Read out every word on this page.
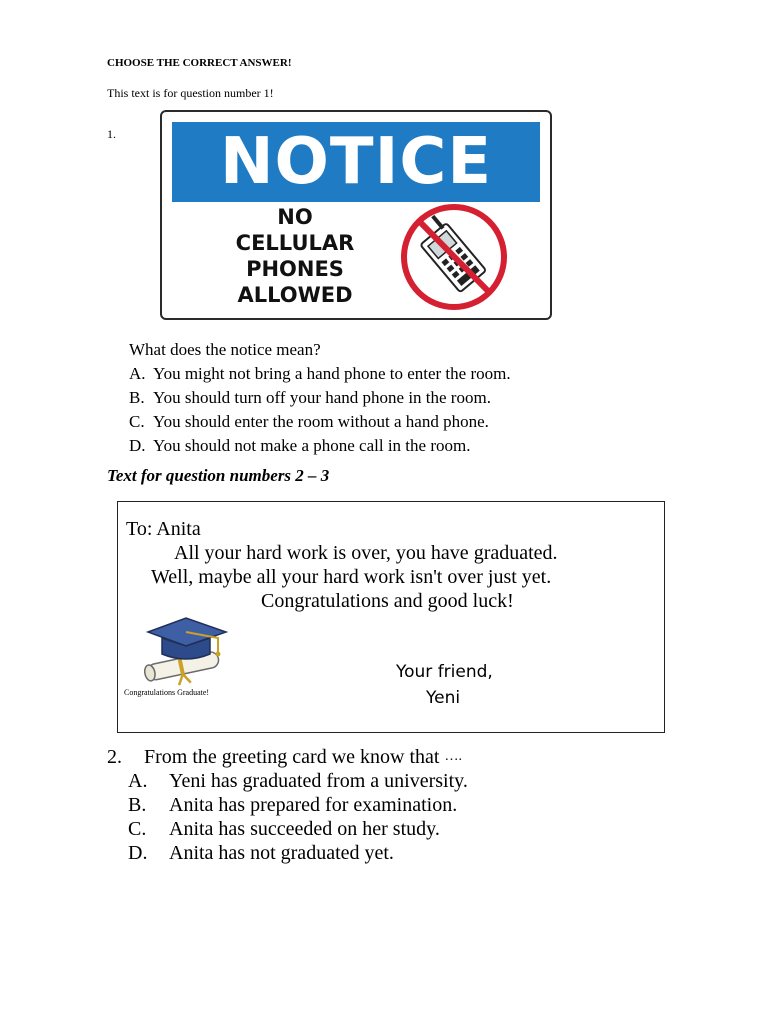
CHOOSE THE CORRECT ANSWER!
This text is for question number 1!
1.	NOTICE
NO
CELLULAR
PHONES
ALLOWED
What does the notice mean?
A. You might not bring a hand phone to enter the room.
B. You should turn off your hand phone in the room.
C. You should enter the room without a hand phone.
D. You should not make a phone call in the room.
Text for question numbers 2 – 3
To: Anita
All your hard work is over, you have graduated.
Well, maybe all your hard work isn't over just yet.
Congratulations and good luck!
Congratulations Graduate!
Your friend,
Yeni
2.	From the greeting card we know that
….
A.	Yeni has graduated from a university.
B.	Anita has prepared for examination.
C.	Anita has succeeded on her study.
D.	Anita has not graduated yet.
